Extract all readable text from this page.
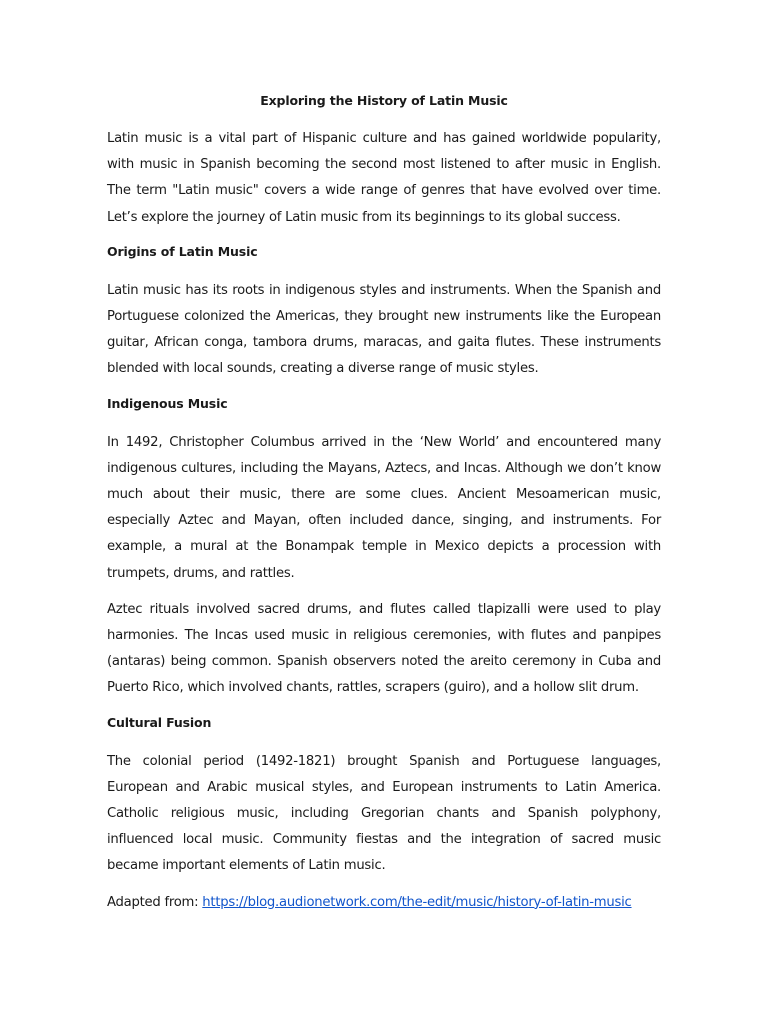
Exploring the History of Latin Music

Latin music is a vital part of Hispanic culture and has gained worldwide popularity, with music in Spanish becoming the second most listened to after music in English. The term "Latin music" covers a wide range of genres that have evolved over time. Let’s explore the journey of Latin music from its beginnings to its global success.

Origins of Latin Music

Latin music has its roots in indigenous styles and instruments. When the Spanish and Portuguese colonized the Americas, they brought new instruments like the European guitar, African conga, tambora drums, maracas, and gaita flutes. These instruments blended with local sounds, creating a diverse range of music styles.

Indigenous Music

In 1492, Christopher Columbus arrived in the ‘New World’ and encountered many indigenous cultures, including the Mayans, Aztecs, and Incas. Although we don’t know much about their music, there are some clues. Ancient Mesoamerican music, especially Aztec and Mayan, often included dance, singing, and instruments. For example, a mural at the Bonampak temple in Mexico depicts a procession with trumpets, drums, and rattles.

Aztec rituals involved sacred drums, and flutes called tlapizalli were used to play harmonies. The Incas used music in religious ceremonies, with flutes and panpipes (antaras) being common. Spanish observers noted the areito ceremony in Cuba and Puerto Rico, which involved chants, rattles, scrapers (guiro), and a hollow slit drum.

Cultural Fusion

The colonial period (1492-1821) brought Spanish and Portuguese languages, European and Arabic musical styles, and European instruments to Latin America. Catholic religious music, including Gregorian chants and Spanish polyphony, influenced local music. Community fiestas and the integration of sacred music became important elements of Latin music.

Adapted from: https://blog.audionetwork.com/the-edit/music/history-of-latin-music
